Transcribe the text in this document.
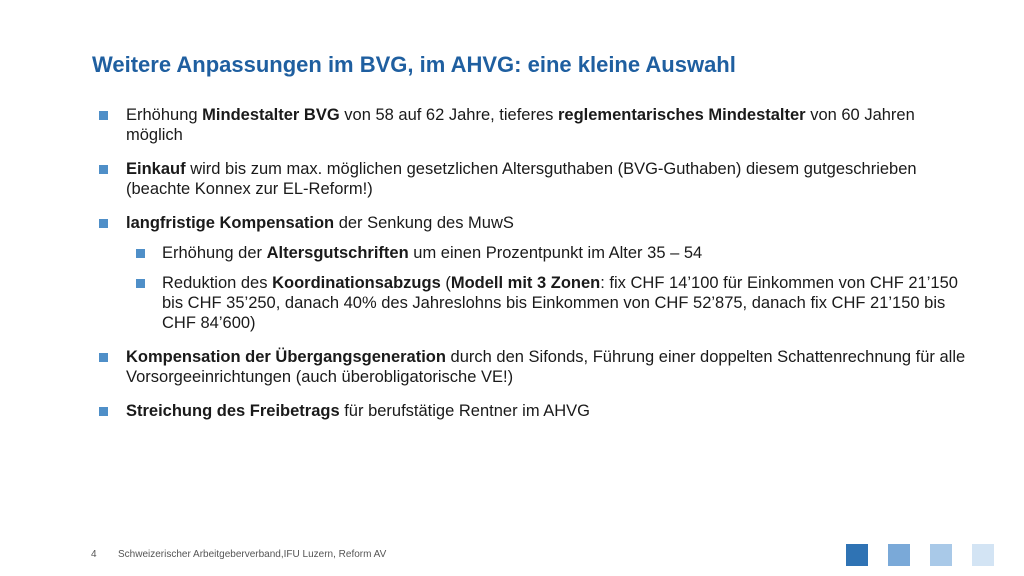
Weitere Anpassungen im BVG, im AHVG: eine kleine Auswahl
Erhöhung Mindestalter BVG von 58 auf 62 Jahre, tieferes reglementarisches Mindestalter von 60 Jahren möglich
Einkauf wird bis zum max. möglichen gesetzlichen Altersguthaben (BVG-Guthaben) diesem gutgeschrieben (beachte Konnex zur EL-Reform!)
langfristige Kompensation der Senkung des MuwS
Erhöhung der Altersgutschriften um einen Prozentpunkt im Alter 35 – 54
Reduktion des Koordinationsabzugs (Modell mit 3 Zonen: fix CHF 14’100 für Einkommen von CHF 21’150 bis CHF 35’250, danach 40% des Jahreslohns bis Einkommen von CHF 52’875, danach fix CHF 21’150 bis CHF 84’600)
Kompensation der Übergangsgeneration durch den Sifonds, Führung einer doppelten Schattenrechnung für alle Vorsorgeeinrichtungen (auch überobligatorische VE!)
Streichung des Freibetrags für berufstätige Rentner im AHVG
4 Schweizerischer Arbeitgeberverband,IFU Luzern, Reform AV
